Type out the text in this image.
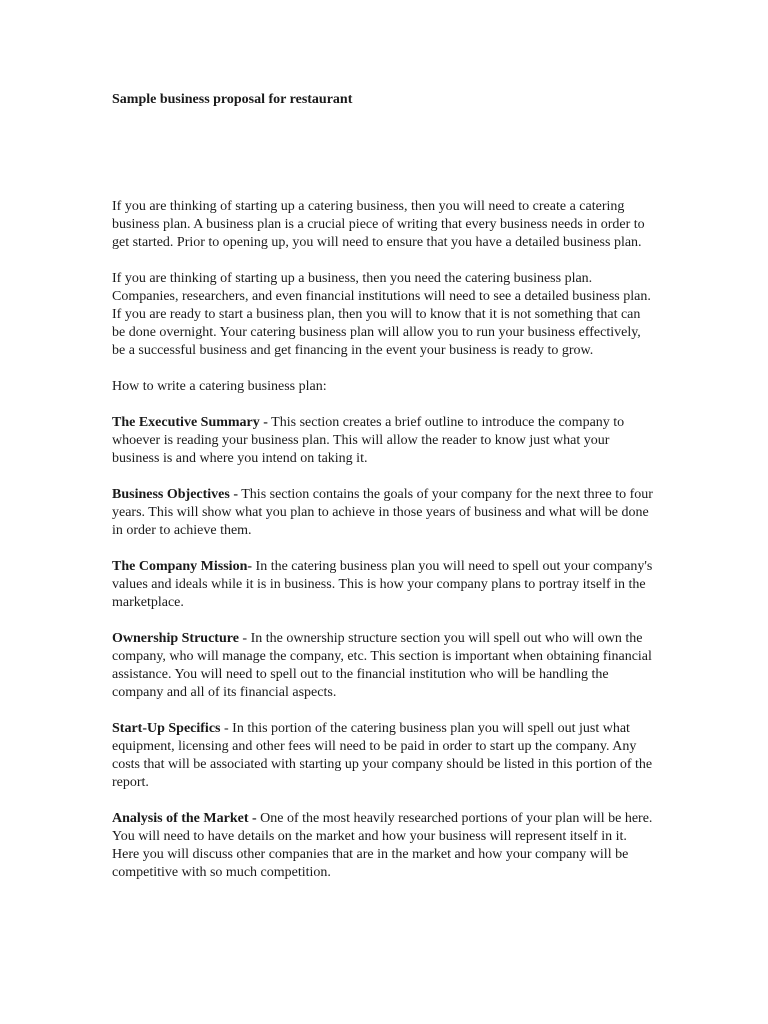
Sample business proposal for restaurant

If you are thinking of starting up a catering business, then you will need to create a catering business plan. A business plan is a crucial piece of writing that every business needs in order to get started. Prior to opening up, you will need to ensure that you have a detailed business plan.

If you are thinking of starting up a business, then you need the catering business plan. Companies, researchers, and even financial institutions will need to see a detailed business plan. If you are ready to start a business plan, then you will to know that it is not something that can be done overnight. Your catering business plan will allow you to run your business effectively, be a successful business and get financing in the event your business is ready to grow.

How to write a catering business plan:

The Executive Summary - This section creates a brief outline to introduce the company to whoever is reading your business plan. This will allow the reader to know just what your business is and where you intend on taking it.

Business Objectives - This section contains the goals of your company for the next three to four years. This will show what you plan to achieve in those years of business and what will be done in order to achieve them.

The Company Mission- In the catering business plan you will need to spell out your company's values and ideals while it is in business. This is how your company plans to portray itself in the marketplace.

Ownership Structure - In the ownership structure section you will spell out who will own the company, who will manage the company, etc. This section is important when obtaining financial assistance. You will need to spell out to the financial institution who will be handling the company and all of its financial aspects.

Start-Up Specifics - In this portion of the catering business plan you will spell out just what equipment, licensing and other fees will need to be paid in order to start up the company. Any costs that will be associated with starting up your company should be listed in this portion of the report.

Analysis of the Market - One of the most heavily researched portions of your plan will be here. You will need to have details on the market and how your business will represent itself in it. Here you will discuss other companies that are in the market and how your company will be competitive with so much competition.
